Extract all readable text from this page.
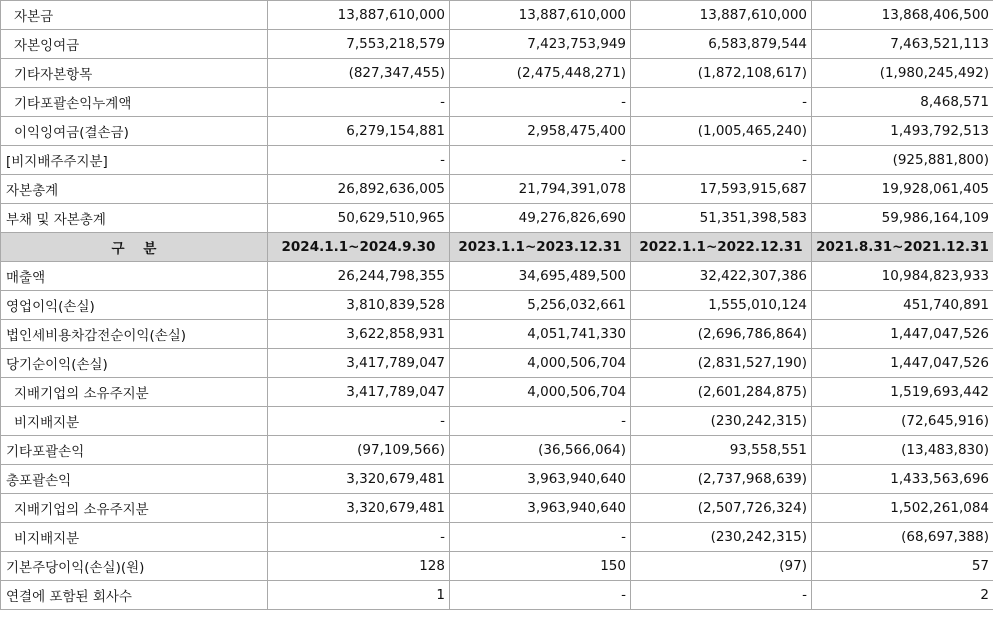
자본금	13,887,610,000	13,887,610,000	13,887,610,000	13,868,406,500
자본잉여금	7,553,218,579	7,423,753,949	6,583,879,544	7,463,521,113
기타자본항목	(827,347,455)	(2,475,448,271)	(1,872,108,617)	(1,980,245,492)
기타포괄손익누계액	-	-	-	8,468,571
이익잉여금(결손금)	6,279,154,881	2,958,475,400	(1,005,465,240)	1,493,792,513
[비지배주주지분]	-	-	-	(925,881,800)
자본총계	26,892,636,005	21,794,391,078	17,593,915,687	19,928,061,405
부채 및 자본총계	50,629,510,965	49,276,826,690	51,351,398,583	59,986,164,109
구    분	2024.1.1~2024.9.30	2023.1.1~2023.12.31	2022.1.1~2022.12.31	2021.8.31~2021.12.31
매출액	26,244,798,355	34,695,489,500	32,422,307,386	10,984,823,933
영업이익(손실)	3,810,839,528	5,256,032,661	1,555,010,124	451,740,891
법인세비용차감전순이익(손실)	3,622,858,931	4,051,741,330	(2,696,786,864)	1,447,047,526
당기순이익(손실)	3,417,789,047	4,000,506,704	(2,831,527,190)	1,447,047,526
지배기업의 소유주지분	3,417,789,047	4,000,506,704	(2,601,284,875)	1,519,693,442
비지배지분	-	-	(230,242,315)	(72,645,916)
기타포괄손익	(97,109,566)	(36,566,064)	93,558,551	(13,483,830)
총포괄손익	3,320,679,481	3,963,940,640	(2,737,968,639)	1,433,563,696
지배기업의 소유주지분	3,320,679,481	3,963,940,640	(2,507,726,324)	1,502,261,084
비지배지분	-	-	(230,242,315)	(68,697,388)
기본주당이익(손실)(원)	128	150	(97)	57
연결에 포함된 회사수	1	-	-	2
